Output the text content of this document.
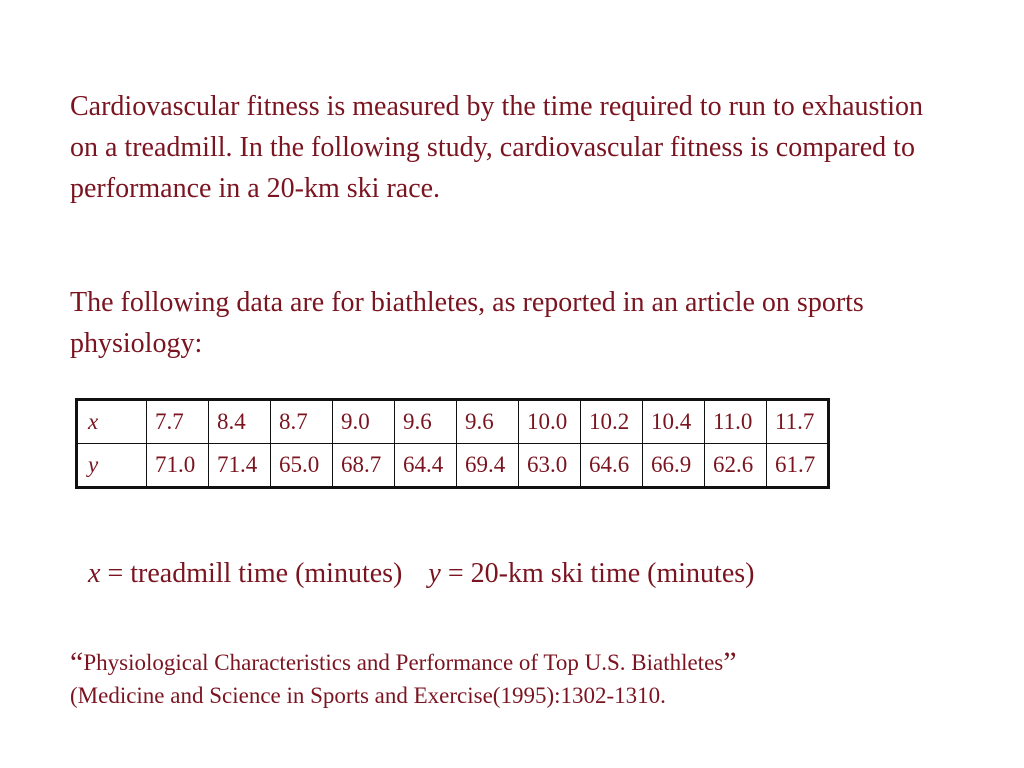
Cardiovascular fitness is measured by the time required to run to exhaustion on a treadmill. In the following study, cardiovascular fitness is compared to performance in a 20-km ski race.

The following data are for biathletes, as reported in an article on sports physiology:

x	7.7	8.4	8.7	9.0	9.6	9.6	10.0	10.2	10.4	11.0	11.7
y	71.0	71.4	65.0	68.7	64.4	69.4	63.0	64.6	66.9	62.6	61.7
x = treadmill time (minutes) y = 20-km ski time (minutes)
“Physiological Characteristics and Performance of Top U.S. Biathletes”
(Medicine and Science in Sports and Exercise(1995):1302-1310.
